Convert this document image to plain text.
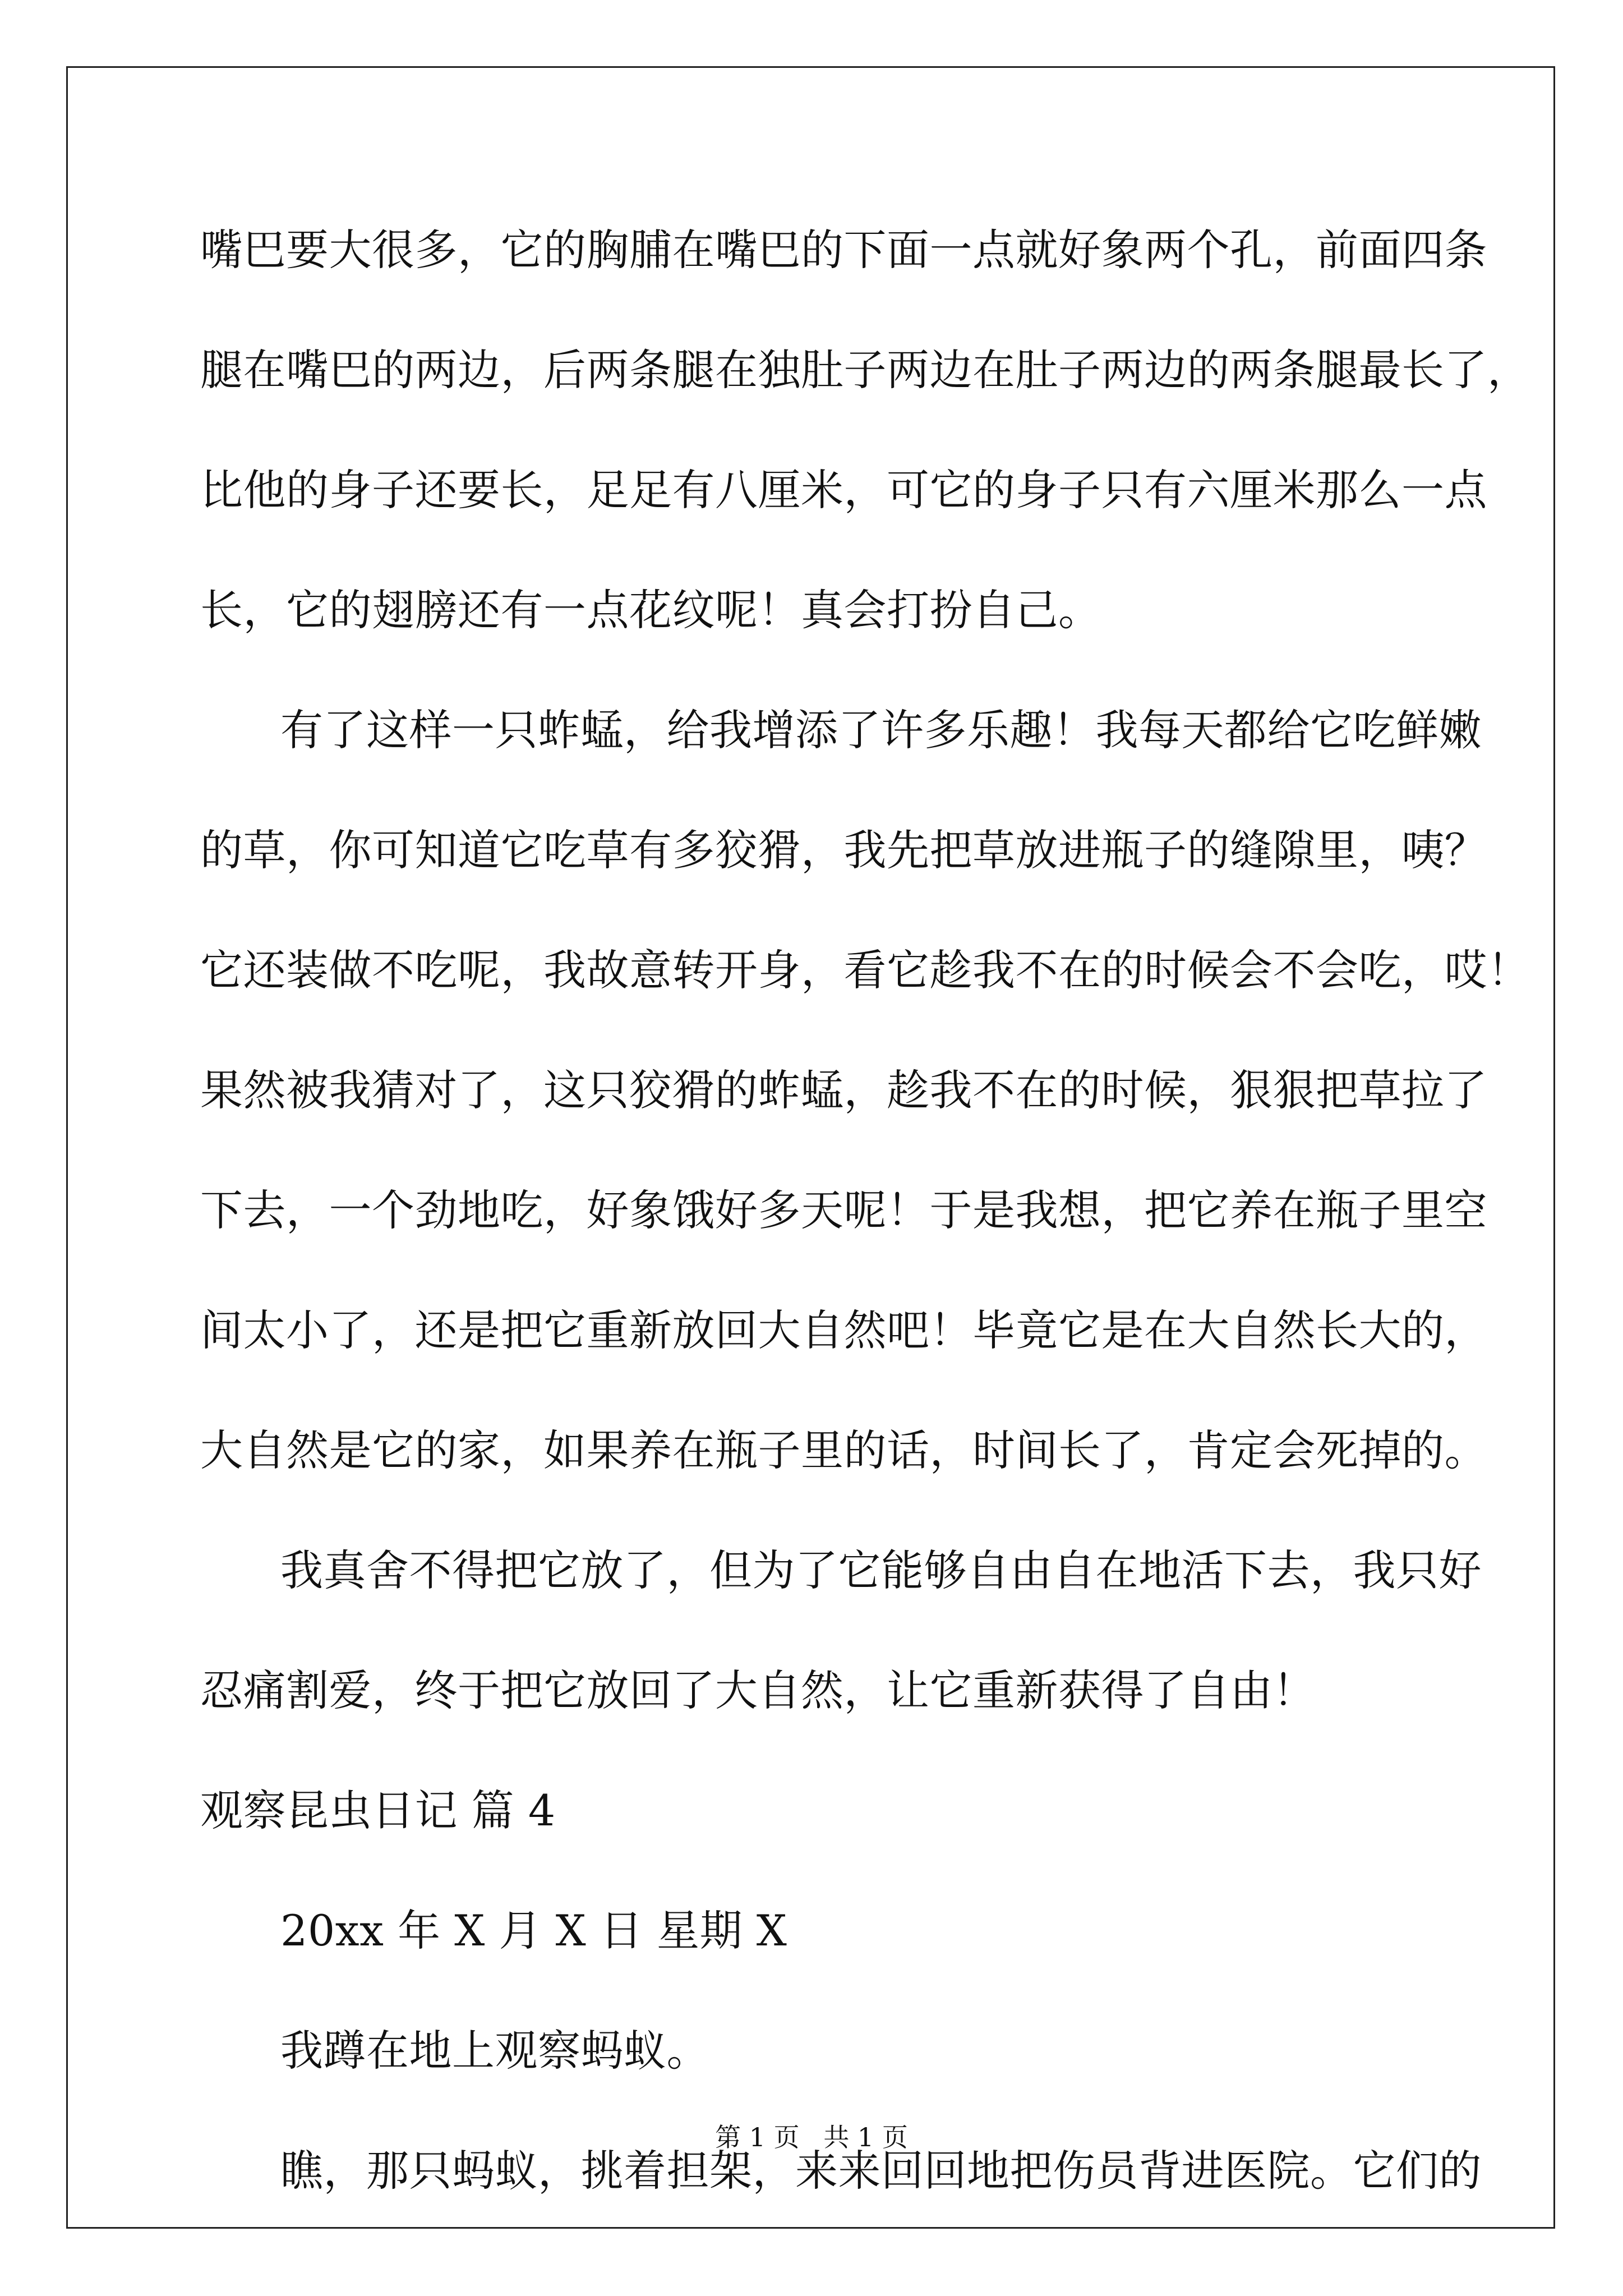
嘴巴要大很多，它的胸脯在嘴巴的下面一点就好象两个孔，前面四条
腿在嘴巴的两边，后两条腿在独肚子两边在肚子两边的两条腿最长了，
比他的身子还要长，足足有八厘米，可它的身子只有六厘米那么一点
长，它的翅膀还有一点花纹呢！真会打扮自己。
有了这样一只蚱蜢，给我增添了许多乐趣！我每天都给它吃鲜嫩
的草，你可知道它吃草有多狡猾，我先把草放进瓶子的缝隙里，咦？
它还装做不吃呢，我故意转开身，看它趁我不在的时候会不会吃，哎！
果然被我猜对了，这只狡猾的蚱蜢，趁我不在的时候，狠狠把草拉了
下去，一个劲地吃，好象饿好多天呢！于是我想，把它养在瓶子里空
间太小了，还是把它重新放回大自然吧！毕竟它是在大自然长大的，
大自然是它的家，如果养在瓶子里的话，时间长了，肯定会死掉的。
我真舍不得把它放了，但为了它能够自由自在地活下去，我只好
忍痛割爱，终于把它放回了大自然，让它重新获得了自由！
观察昆虫日记 篇 4
20xx 年 X 月 X 日 星期 X
我蹲在地上观察蚂蚁。
瞧，那只蚂蚁，挑着担架，来来回回地把伤员背进医院。它们的
第 1 页 共 1 页
